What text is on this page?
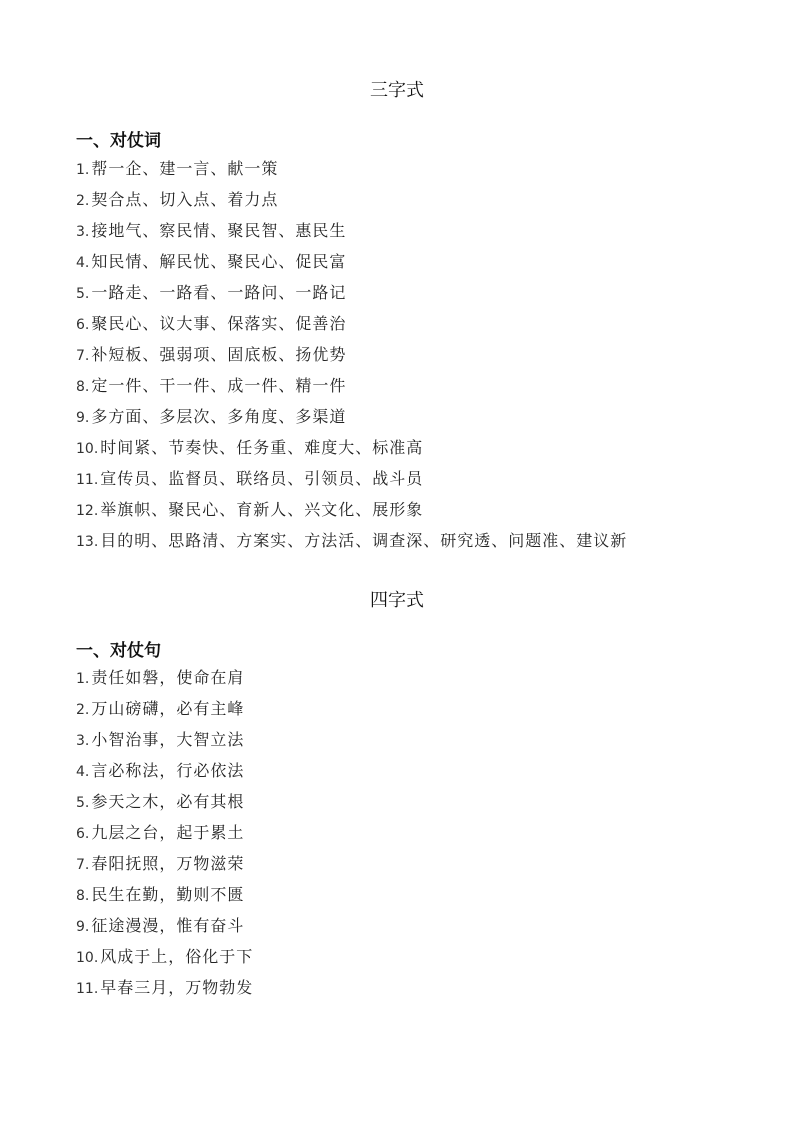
三字式
一、对仗词
1. 帮一企、建一言、献一策
2. 契合点、切入点、着力点
3. 接地气、察民情、聚民智、惠民生
4. 知民情、解民忧、聚民心、促民富
5. 一路走、一路看、一路问、一路记
6. 聚民心、议大事、保落实、促善治
7. 补短板、强弱项、固底板、扬优势
8. 定一件、干一件、成一件、精一件
9. 多方面、多层次、多角度、多渠道
10. 时间紧、节奏快、任务重、难度大、标准高
11. 宣传员、监督员、联络员、引领员、战斗员
12. 举旗帜、聚民心、育新人、兴文化、展形象
13. 目的明、思路清、方案实、方法活、调查深、研究透、问题准、建议新
四字式
一、对仗句
1. 责任如磐，使命在肩
2. 万山磅礴，必有主峰
3. 小智治事，大智立法
4. 言必称法，行必依法
5. 参天之木，必有其根
6. 九层之台，起于累土
7. 春阳抚照，万物滋荣
8. 民生在勤，勤则不匮
9. 征途漫漫，惟有奋斗
10. 风成于上，俗化于下
11. 早春三月，万物勃发
